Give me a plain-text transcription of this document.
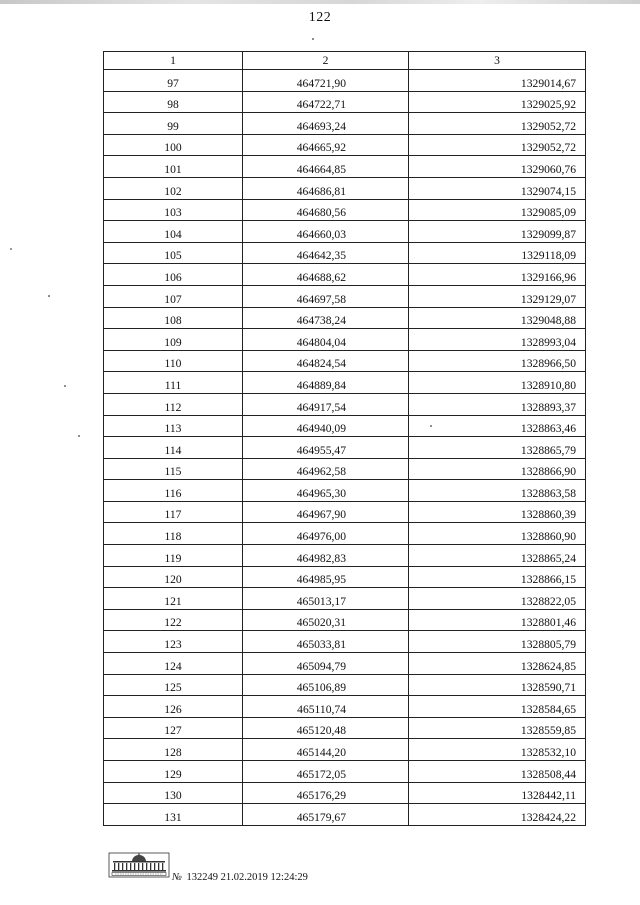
122
1	2	3
97	464721,90	1329014,67
98	464722,71	1329025,92
99	464693,24	1329052,72
100	464665,92	1329052,72
101	464664,85	1329060,76
102	464686,81	1329074,15
103	464680,56	1329085,09
104	464660,03	1329099,87
105	464642,35	1329118,09
106	464688,62	1329166,96
107	464697,58	1329129,07
108	464738,24	1329048,88
109	464804,04	1328993,04
110	464824,54	1328966,50
111	464889,84	1328910,80
112	464917,54	1328893,37
113	464940,09	1328863,46
114	464955,47	1328865,79
115	464962,58	1328866,90
116	464965,30	1328863,58
117	464967,90	1328860,39
118	464976,00	1328860,90
119	464982,83	1328865,24
120	464985,95	1328866,15
121	465013,17	1328822,05
122	465020,31	1328801,46
123	465033,81	1328805,79
124	465094,79	1328624,85
125	465106,89	1328590,71
126	465110,74	1328584,65
127	465120,48	1328559,85
128	465144,20	1328532,10
129	465172,05	1328508,44
130	465176,29	1328442,11
131	465179,67	1328424,22
№ 132249 21.02.2019 12:24:29
